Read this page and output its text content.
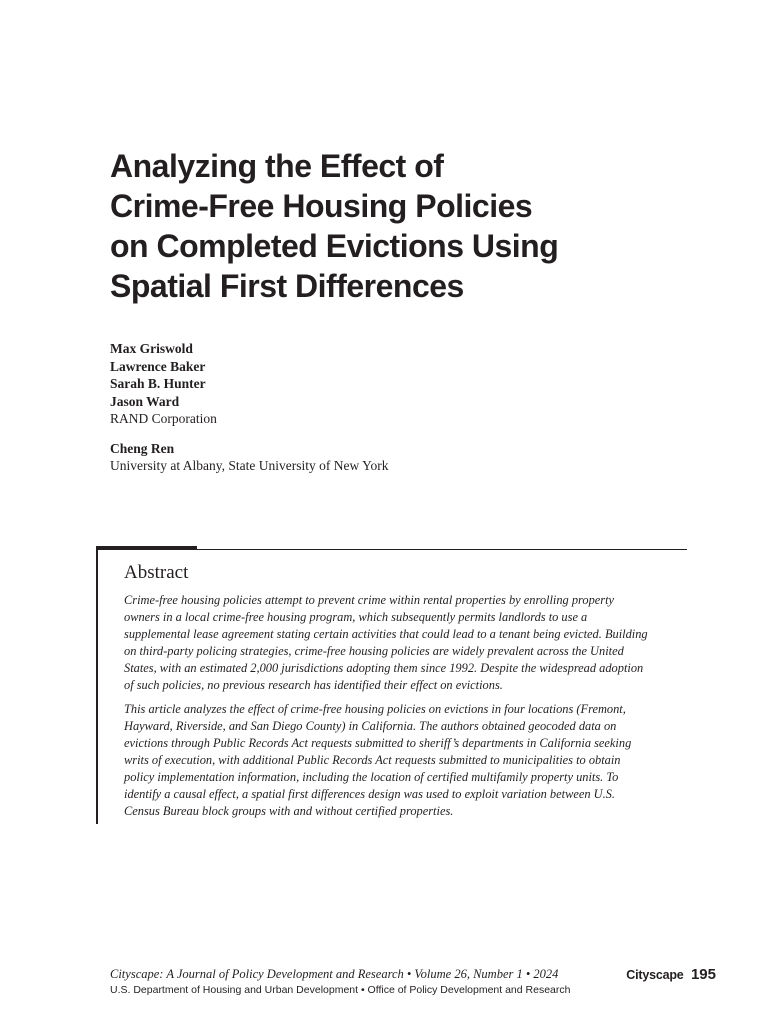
Analyzing the Effect of
Crime-Free Housing Policies
on Completed Evictions Using
Spatial First Differences
Max Griswold
Lawrence Baker
Sarah B. Hunter
Jason Ward
RAND Corporation
Cheng Ren
University at Albany, State University of New York
Abstract

Crime-free housing policies attempt to prevent crime within rental properties by enrolling property
owners in a local crime-free housing program, which subsequently permits landlords to use a
supplemental lease agreement stating certain activities that could lead to a tenant being evicted. Building
on third-party policing strategies, crime-free housing policies are widely prevalent across the United
States, with an estimated 2,000 jurisdictions adopting them since 1992. Despite the widespread adoption
of such policies, no previous research has identified their effect on evictions.

This article analyzes the effect of crime-free housing policies on evictions in four locations (Fremont,
Hayward, Riverside, and San Diego County) in California. The authors obtained geocoded data on
evictions through Public Records Act requests submitted to sheriff’s departments in California seeking
writs of execution, with additional Public Records Act requests submitted to municipalities to obtain
policy implementation information, including the location of certified multifamily property units. To
identify a causal effect, a spatial first differences design was used to exploit variation between U.S.
Census Bureau block groups with and without certified properties.

Cityscape: A Journal of Policy Development and Research • Volume 26, Number 1 • 2024
U.S. Department of Housing and Urban Development • Office of Policy Development and Research
Cityscape 195
